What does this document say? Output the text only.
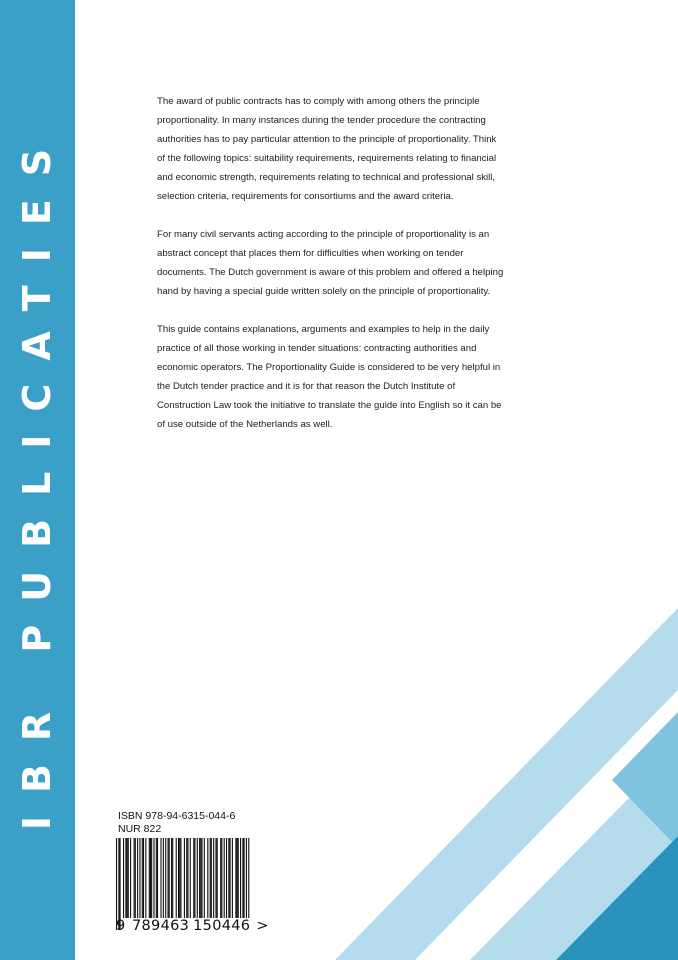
IBR PUBLICATIES

The award of public contracts has to comply with among others the principle proportionality. In many instances during the tender procedure the contracting authorities has to pay particular attention to the principle of proportionality. Think of the following topics: suitability requirements, requirements relating to financial and economic strength, requirements relating to technical and professional skill, selection criteria, requirements for consortiums and the award criteria.

For many civil servants acting according to the principle of proportionality is an abstract concept that places them for difficulties when working on tender documents. The Dutch government is aware of this problem and offered a helping hand by having a special guide written solely on the principle of proportionality.

This guide contains explanations, arguments and examples to help in the daily practice of all those working in tender situations: contracting authorities and economic operators. The Proportionality Guide is considered to be very helpful in the Dutch tender practice and it is for that reason the Dutch Institute of Construction Law took the initiative to translate the guide into English so it can be of use outside of the Netherlands as well.

ISBN 978-94-6315-044-6
NUR 822
9 789463 150446 >
